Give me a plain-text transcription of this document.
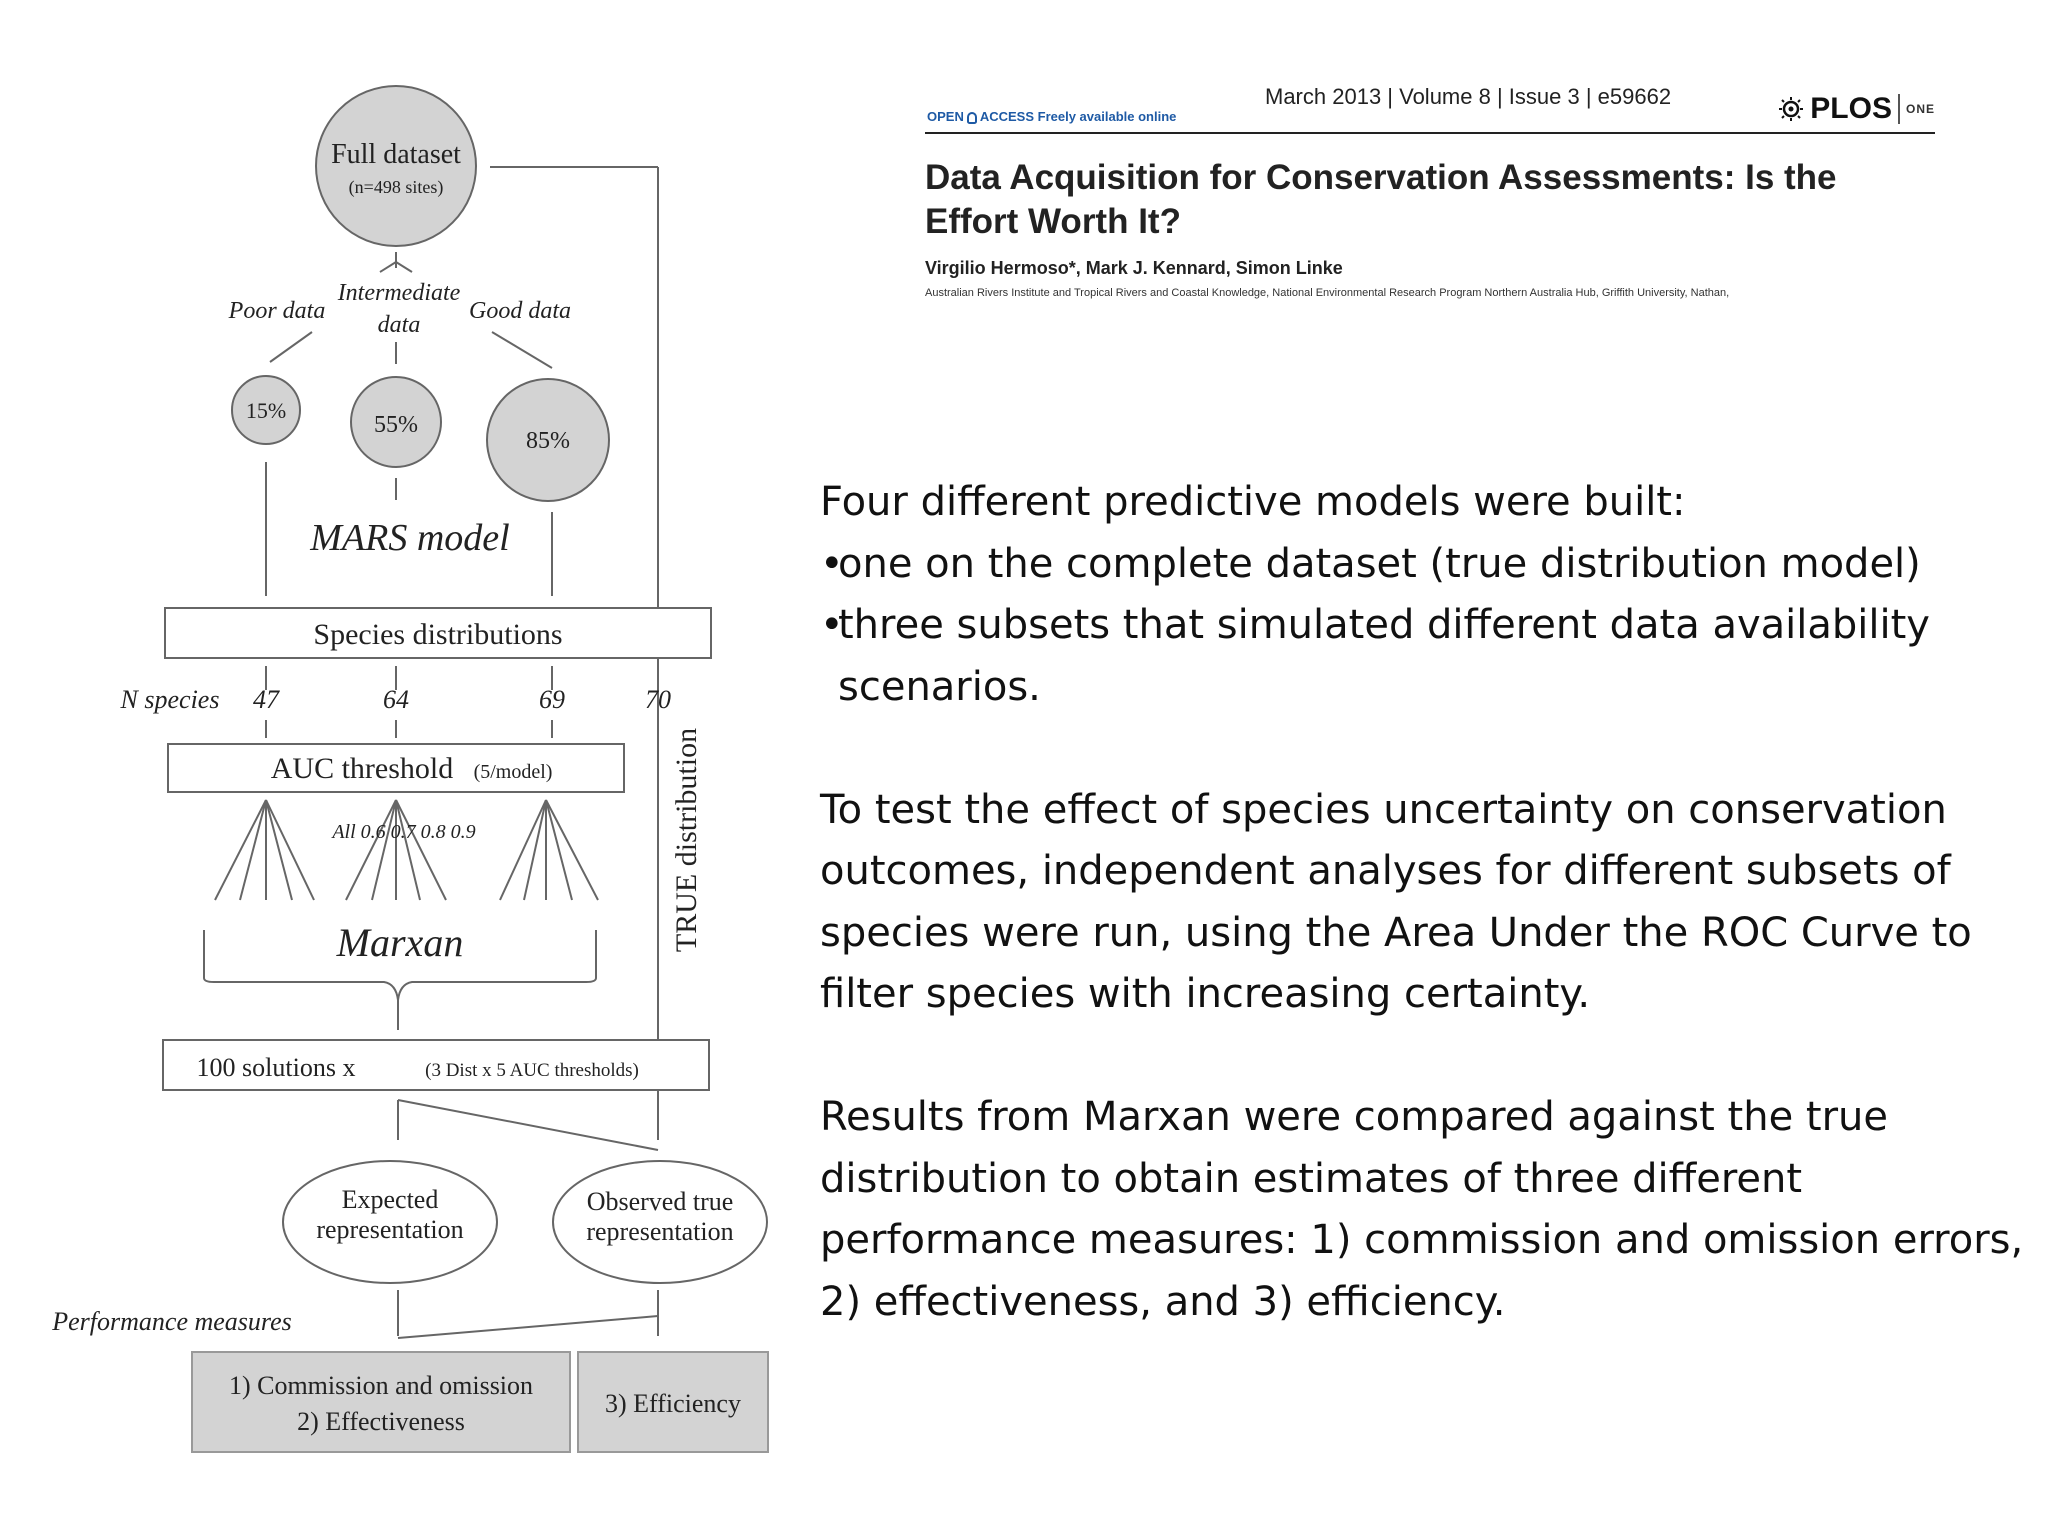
Full dataset
(n=498 sites)
Poor data
Intermediate
data
Good data
15%
55%
85%
MARS model
Species distributions
N species 47	64	69	70
AUC threshold (5/model)
All 0.6 0.7 0.8 0.9
Marxan	TRUE distribution
100 solutions x	(3 Dist x 5 AUC thresholds)
Expected
representation
Observed true
representation
Performance measures
1) Commission and omission
2) Effectiveness
3) Efficiency
OPEN ACCESS Freely available online
March 2013 | Volume 8 | Issue 3 | e59662	PLOS ONE
Data Acquisition for Conservation Assessments: Is the Effort Worth It?
Virgilio Hermoso*, Mark J. Kennard, Simon Linke
Australian Rivers Institute and Tropical Rivers and Coastal Knowledge, National Environmental Research Program Northern Australia Hub, Griffith University, Nathan,

Four different predictive models were built:

•
one on the complete dataset (true distribution model)
•
three subsets that simulated different data availability scenarios.

To test the effect of species uncertainty on conservation outcomes, independent analyses for different subsets of species were run, using the Area Under the ROC Curve to filter species with increasing certainty.

Results from Marxan were compared against the true distribution to obtain estimates of three different performance measures: 1) commission and omission errors, 2) effectiveness, and 3) efficiency.
